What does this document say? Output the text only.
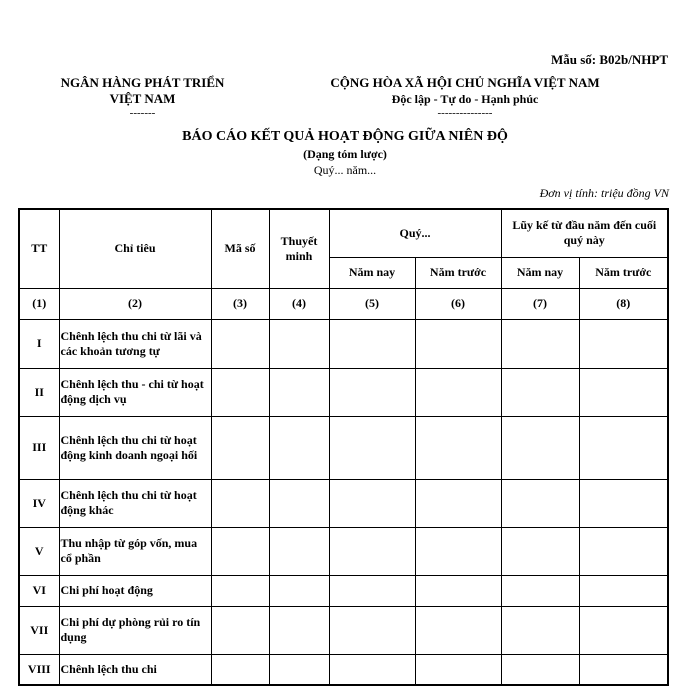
Mẫu số: B02b/NHPT
NGÂN HÀNG PHÁT TRIỂN
VIỆT NAM
-------
CỘNG HÒA XÃ HỘI CHỦ NGHĨA VIỆT NAM
Độc lập - Tự do - Hạnh phúc
---------------
BÁO CÁO KẾT QUẢ HOẠT ĐỘNG GIỮA NIÊN ĐỘ
(Dạng tóm lược)
Quý... năm...
Đơn vị tính: triệu đồng VN
TT	Chỉ tiêu	Mã số	Thuyết minh	Quý...		Lũy kế từ đầu năm đến cuối quý này	
				Năm nay	Năm trước	Năm nay	Năm trước
(1)	(2)	(3)	(4)	(5)	(6)	(7)	(8)
I	Chênh lệch thu chi từ lãi và các khoản tương tự						
II	Chênh lệch thu - chi từ hoạt động dịch vụ						
III	Chênh lệch thu chi từ hoạt động kinh doanh ngoại hối						
IV	Chênh lệch thu chi từ hoạt động khác						
V	Thu nhập từ góp vốn, mua cổ phần						
VI	Chi phí hoạt động						
VII	Chi phí dự phòng rủi ro tín dụng						
VIII	Chênh lệch thu chi						
